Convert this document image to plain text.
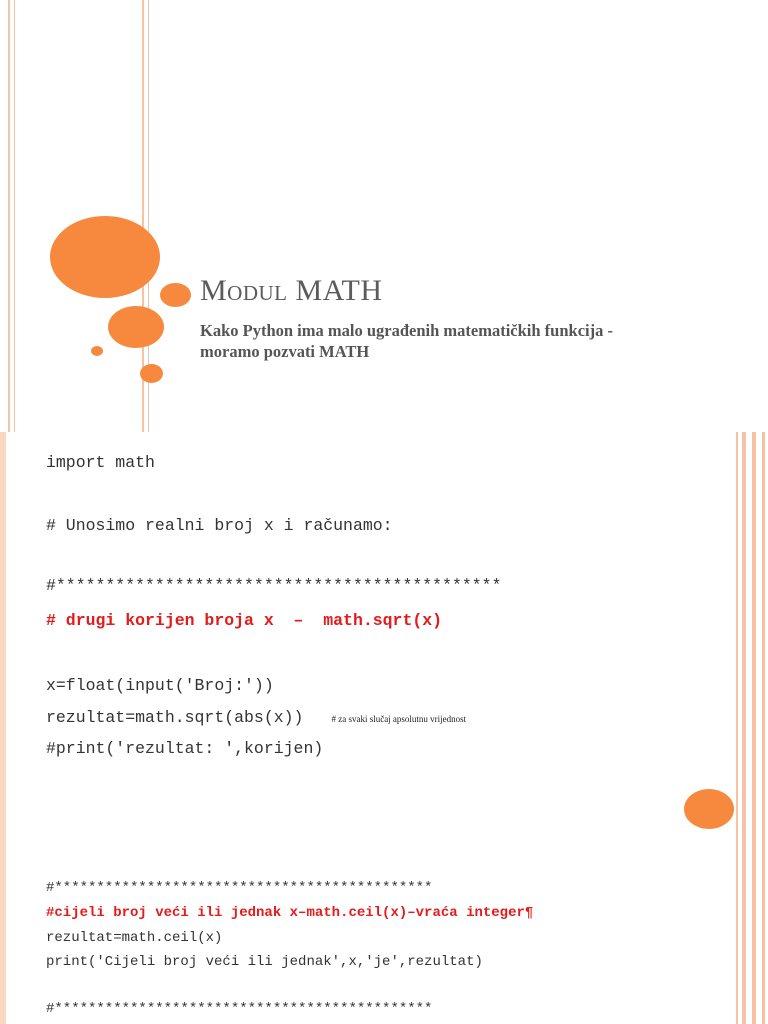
Modul MATH

Kako Python ima malo ugrađenih matematičkih funkcija -
moramo pozvati MATH

import math
# Unosimo realni broj x i računamo:
#*********************************************
# drugi korijen broja x  –  math.sqrt(x)
x=float(input('Broj:'))
rezultat=math.sqrt(abs(x))	# za svaki slučaj apsolutnu vrijednost
#print('rezultat: ',korijen)
#*********************************************
#cijeli broj veći ili jednak x–math.ceil(x)–vraća integer¶
rezultat=math.ceil(x)
print('Cijeli broj veći ili jednak',x,'je',rezultat)
#*********************************************
